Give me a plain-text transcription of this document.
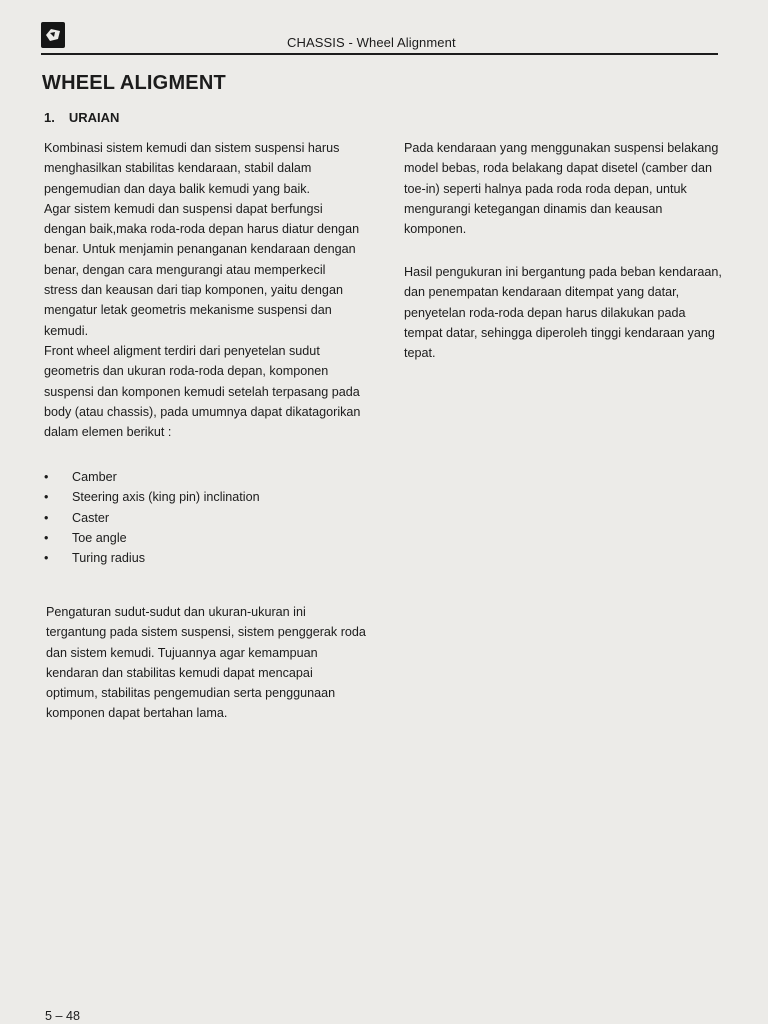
CHASSIS - Wheel Alignment
WHEEL ALIGMENT
1. URAIAN

Kombinasi sistem kemudi dan sistem suspensi harus menghasilkan stabilitas kendaraan, stabil dalam pengemudian dan daya balik kemudi yang baik.

Agar sistem kemudi dan suspensi dapat berfungsi dengan baik,maka roda-roda depan harus diatur dengan benar. Untuk menjamin penanganan kendaraan dengan benar, dengan cara mengurangi atau memperkecil stress dan keausan dari tiap komponen, yaitu dengan mengatur letak geometris mekanisme suspensi dan kemudi.

Front wheel aligment terdiri dari penyetelan sudut geometris dan ukuran roda-roda depan, komponen suspensi dan komponen kemudi setelah terpasang pada body (atau chassis), pada umumnya dapat dikatagorikan dalam elemen berikut :

• Camber
• Steering axis (king pin) inclination
• Caster
• Toe angle
• Turing radius

Pengaturan sudut-sudut dan ukuran-ukuran ini tergantung pada sistem suspensi, sistem penggerak roda dan sistem kemudi. Tujuannya agar kemampuan kendaran dan stabilitas kemudi dapat mencapai optimum, stabilitas pengemudian serta penggunaan komponen dapat bertahan lama.

Pada kendaraan yang menggunakan suspensi belakang model bebas, roda belakang dapat disetel (camber dan toe-in) seperti halnya pada roda roda depan, untuk mengurangi ketegangan dinamis dan keausan komponen.

Hasil pengukuran ini bergantung pada beban kendaraan, dan penempatan kendaraan ditempat yang datar, penyetelan roda-roda depan harus dilakukan pada tempat datar, sehingga diperoleh tinggi kendaraan yang tepat.

5 – 48
